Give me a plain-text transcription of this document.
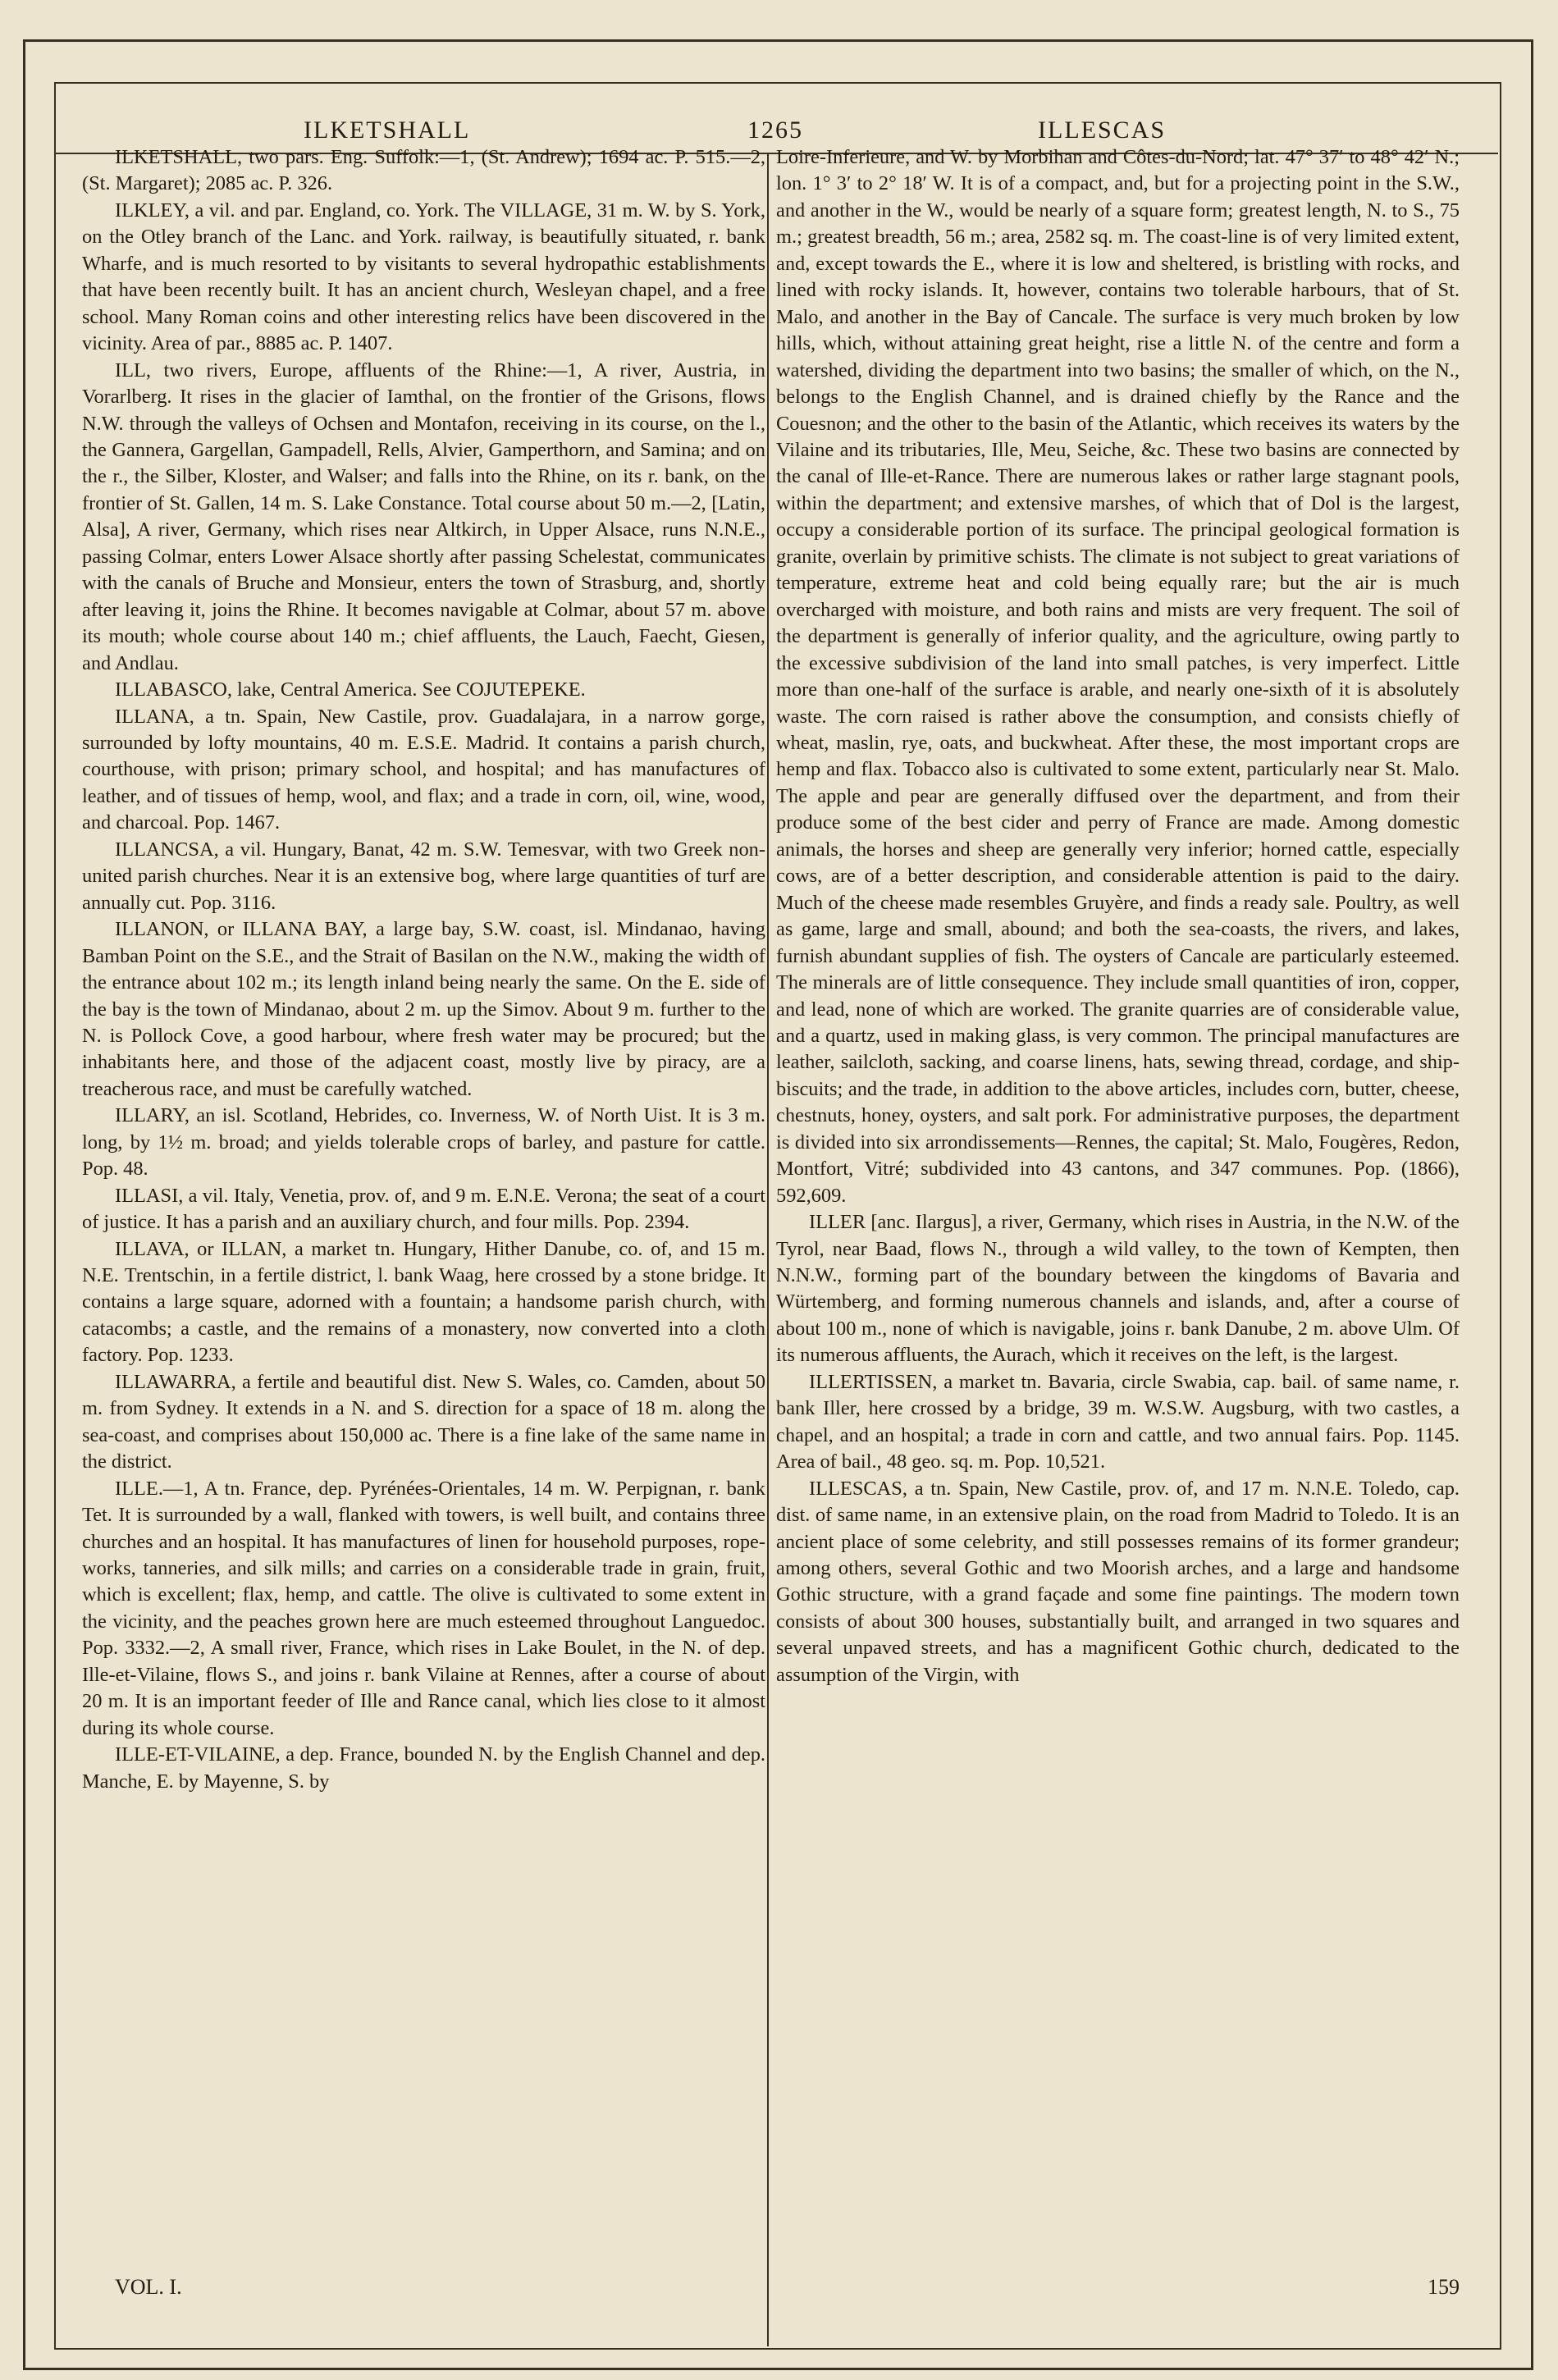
ILKETSHALL	1265	ILLESCAS

ILKETSHALL, two pars. Eng. Suffolk:—1, (St. Andrew); 1694 ac. P. 515.—2, (St. Margaret); 2085 ac. P. 326.

ILKLEY, a vil. and par. England, co. York. The VILLAGE, 31 m. W. by S. York, on the Otley branch of the Lanc. and York. railway, is beautifully situated, r. bank Wharfe, and is much resorted to by visitants to several hydropathic establishments that have been recently built. It has an ancient church, Wesleyan chapel, and a free school. Many Roman coins and other interesting relics have been discovered in the vicinity. Area of par., 8885 ac. P. 1407.

ILL, two rivers, Europe, affluents of the Rhine:—1, A river, Austria, in Vorarlberg. It rises in the glacier of Iamthal, on the frontier of the Grisons, flows N.W. through the valleys of Ochsen and Montafon, receiving in its course, on the l., the Gannera, Gargellan, Gampadell, Rells, Alvier, Gamperthorn, and Samina; and on the r., the Silber, Kloster, and Walser; and falls into the Rhine, on its r. bank, on the frontier of St. Gallen, 14 m. S. Lake Constance. Total course about 50 m.—2, [Latin, Alsa], A river, Germany, which rises near Altkirch, in Upper Alsace, runs N.N.E., passing Colmar, enters Lower Alsace shortly after passing Schelestat, communicates with the canals of Bruche and Monsieur, enters the town of Strasburg, and, shortly after leaving it, joins the Rhine. It becomes navigable at Colmar, about 57 m. above its mouth; whole course about 140 m.; chief affluents, the Lauch, Faecht, Giesen, and Andlau.

ILLABASCO, lake, Central America. See COJUTEPEKE.

ILLANA, a tn. Spain, New Castile, prov. Guadalajara, in a narrow gorge, surrounded by lofty mountains, 40 m. E.S.E. Madrid. It contains a parish church, courthouse, with prison; primary school, and hospital; and has manufactures of leather, and of tissues of hemp, wool, and flax; and a trade in corn, oil, wine, wood, and charcoal. Pop. 1467.

ILLANCSA, a vil. Hungary, Banat, 42 m. S.W. Temesvar, with two Greek non-united parish churches. Near it is an extensive bog, where large quantities of turf are annually cut. Pop. 3116.

ILLANON, or ILLANA BAY, a large bay, S.W. coast, isl. Mindanao, having Bamban Point on the S.E., and the Strait of Basilan on the N.W., making the width of the entrance about 102 m.; its length inland being nearly the same. On the E. side of the bay is the town of Mindanao, about 2 m. up the Simov. About 9 m. further to the N. is Pollock Cove, a good harbour, where fresh water may be procured; but the inhabitants here, and those of the adjacent coast, mostly live by piracy, are a treacherous race, and must be carefully watched.

ILLARY, an isl. Scotland, Hebrides, co. Inverness, W. of North Uist. It is 3 m. long, by 1½ m. broad; and yields tolerable crops of barley, and pasture for cattle. Pop. 48.

ILLASI, a vil. Italy, Venetia, prov. of, and 9 m. E.N.E. Verona; the seat of a court of justice. It has a parish and an auxiliary church, and four mills. Pop. 2394.

ILLAVA, or ILLAN, a market tn. Hungary, Hither Danube, co. of, and 15 m. N.E. Trentschin, in a fertile district, l. bank Waag, here crossed by a stone bridge. It contains a large square, adorned with a fountain; a handsome parish church, with catacombs; a castle, and the remains of a monastery, now converted into a cloth factory. Pop. 1233.

ILLAWARRA, a fertile and beautiful dist. New S. Wales, co. Camden, about 50 m. from Sydney. It extends in a N. and S. direction for a space of 18 m. along the sea-coast, and comprises about 150,000 ac. There is a fine lake of the same name in the district.

ILLE.—1, A tn. France, dep. Pyrénées-Orientales, 14 m. W. Perpignan, r. bank Tet. It is surrounded by a wall, flanked with towers, is well built, and contains three churches and an hospital. It has manufactures of linen for household purposes, rope-works, tanneries, and silk mills; and carries on a considerable trade in grain, fruit, which is excellent; flax, hemp, and cattle. The olive is cultivated to some extent in the vicinity, and the peaches grown here are much esteemed throughout Languedoc. Pop. 3332.—2, A small river, France, which rises in Lake Boulet, in the N. of dep. Ille-et-Vilaine, flows S., and joins r. bank Vilaine at Rennes, after a course of about 20 m. It is an important feeder of Ille and Rance canal, which lies close to it almost during its whole course.

ILLE-ET-VILAINE, a dep. France, bounded N. by the English Channel and dep. Manche, E. by Mayenne, S. by

Loire-Inferieure, and W. by Morbihan and Côtes-du-Nord; lat. 47° 37′ to 48° 42′ N.; lon. 1° 3′ to 2° 18′ W. It is of a compact, and, but for a projecting point in the S.W., and another in the W., would be nearly of a square form; greatest length, N. to S., 75 m.; greatest breadth, 56 m.; area, 2582 sq. m. The coast-line is of very limited extent, and, except towards the E., where it is low and sheltered, is bristling with rocks, and lined with rocky islands. It, however, contains two tolerable harbours, that of St. Malo, and another in the Bay of Cancale. The surface is very much broken by low hills, which, without attaining great height, rise a little N. of the centre and form a watershed, dividing the department into two basins; the smaller of which, on the N., belongs to the English Channel, and is drained chiefly by the Rance and the Couesnon; and the other to the basin of the Atlantic, which receives its waters by the Vilaine and its tributaries, Ille, Meu, Seiche, &c. These two basins are connected by the canal of Ille-et-Rance. There are numerous lakes or rather large stagnant pools, within the department; and extensive marshes, of which that of Dol is the largest, occupy a considerable portion of its surface. The principal geological formation is granite, overlain by primitive schists. The climate is not subject to great variations of temperature, extreme heat and cold being equally rare; but the air is much overcharged with moisture, and both rains and mists are very frequent. The soil of the department is generally of inferior quality, and the agriculture, owing partly to the excessive subdivision of the land into small patches, is very imperfect. Little more than one-half of the surface is arable, and nearly one-sixth of it is absolutely waste. The corn raised is rather above the consumption, and consists chiefly of wheat, maslin, rye, oats, and buckwheat. After these, the most important crops are hemp and flax. Tobacco also is cultivated to some extent, particularly near St. Malo. The apple and pear are generally diffused over the department, and from their produce some of the best cider and perry of France are made. Among domestic animals, the horses and sheep are generally very inferior; horned cattle, especially cows, are of a better description, and considerable attention is paid to the dairy. Much of the cheese made resembles Gruyère, and finds a ready sale. Poultry, as well as game, large and small, abound; and both the sea-coasts, the rivers, and lakes, furnish abundant supplies of fish. The oysters of Cancale are particularly esteemed. The minerals are of little consequence. They include small quantities of iron, copper, and lead, none of which are worked. The granite quarries are of considerable value, and a quartz, used in making glass, is very common. The principal manufactures are leather, sailcloth, sacking, and coarse linens, hats, sewing thread, cordage, and ship-biscuits; and the trade, in addition to the above articles, includes corn, butter, cheese, chestnuts, honey, oysters, and salt pork. For administrative purposes, the department is divided into six arrondissements—Rennes, the capital; St. Malo, Fougères, Redon, Montfort, Vitré; subdivided into 43 cantons, and 347 communes. Pop. (1866), 592,609.

ILLER [anc. Ilargus], a river, Germany, which rises in Austria, in the N.W. of the Tyrol, near Baad, flows N., through a wild valley, to the town of Kempten, then N.N.W., forming part of the boundary between the kingdoms of Bavaria and Würtemberg, and forming numerous channels and islands, and, after a course of about 100 m., none of which is navigable, joins r. bank Danube, 2 m. above Ulm. Of its numerous affluents, the Aurach, which it receives on the left, is the largest.

ILLERTISSEN, a market tn. Bavaria, circle Swabia, cap. bail. of same name, r. bank Iller, here crossed by a bridge, 39 m. W.S.W. Augsburg, with two castles, a chapel, and an hospital; a trade in corn and cattle, and two annual fairs. Pop. 1145. Area of bail., 48 geo. sq. m. Pop. 10,521.

ILLESCAS, a tn. Spain, New Castile, prov. of, and 17 m. N.N.E. Toledo, cap. dist. of same name, in an extensive plain, on the road from Madrid to Toledo. It is an ancient place of some celebrity, and still possesses remains of its former grandeur; among others, several Gothic and two Moorish arches, and a large and handsome Gothic structure, with a grand façade and some fine paintings. The modern town consists of about 300 houses, substantially built, and arranged in two squares and several unpaved streets, and has a magnificent Gothic church, dedicated to the assumption of the Virgin, with

VOL. I.	159
